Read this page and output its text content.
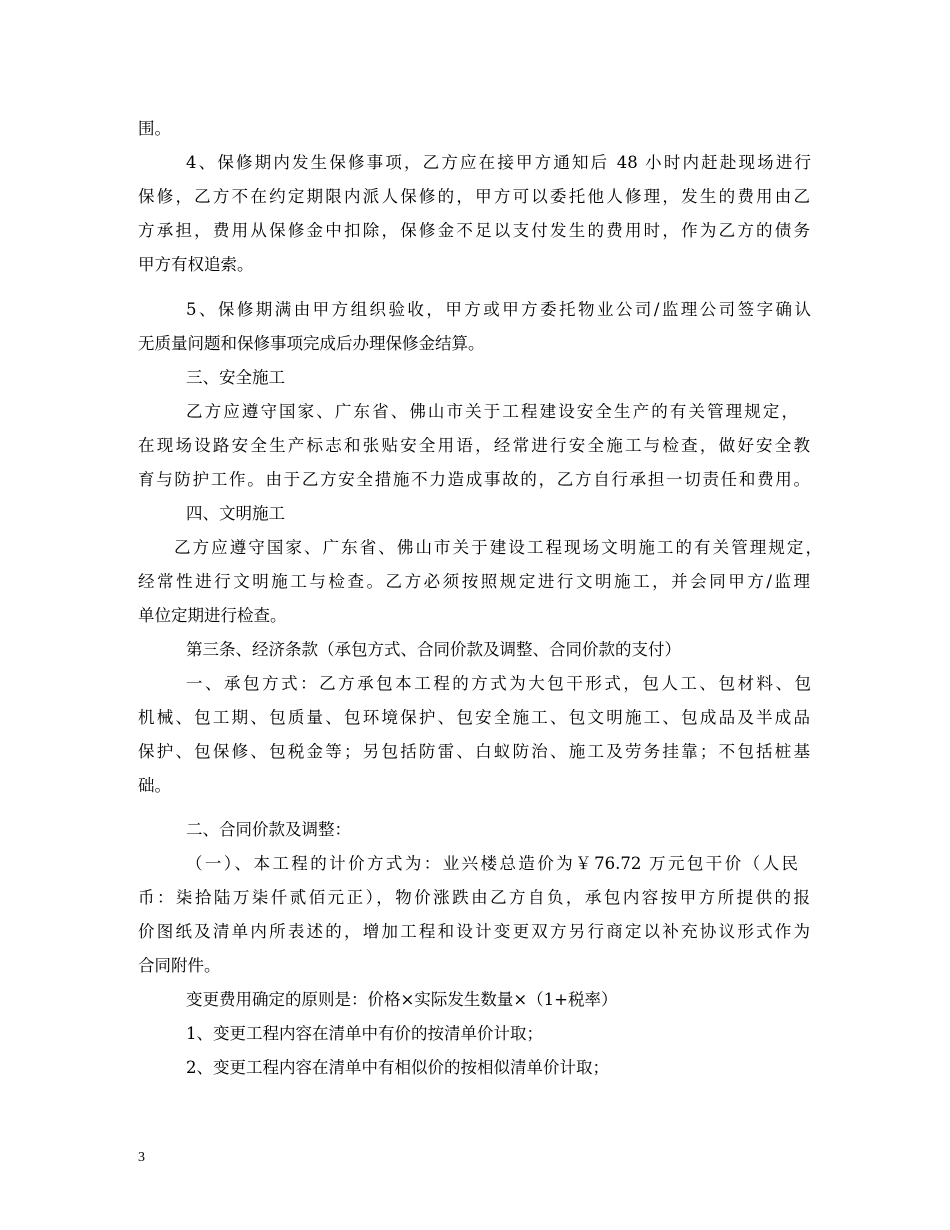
围。
4、保修期内发生保修事项，乙方应在接甲方通知后 48 小时内赶赴现场进行
保修，乙方不在约定期限内派人保修的，甲方可以委托他人修理，发生的费用由乙
方承担，费用从保修金中扣除，保修金不足以支付发生的费用时，作为乙方的债务
甲方有权追索。
5、保修期满由甲方组织验收，甲方或甲方委托物业公司/监理公司签字确认
无质量问题和保修事项完成后办理保修金结算。
三、安全施工
乙方应遵守国家、广东省、佛山市关于工程建设安全生产的有关管理规定，
在现场设路安全生产标志和张贴安全用语，经常进行安全施工与检查，做好安全教
育与防护工作。由于乙方安全措施不力造成事故的，乙方自行承担一切责任和费用。
四、文明施工
乙方应遵守国家、广东省、佛山市关于建设工程现场文明施工的有关管理规定，
经常性进行文明施工与检查。乙方必须按照规定进行文明施工，并会同甲方/监理
单位定期进行检查。
第三条、经济条款（承包方式、合同价款及调整、合同价款的支付）
一、承包方式：乙方承包本工程的方式为大包干形式，包人工、包材料、包
机械、包工期、包质量、包环境保护、包安全施工、包文明施工、包成品及半成品
保护、包保修、包税金等；另包括防雷、白蚁防治、施工及劳务挂靠；不包括桩基
础。
二、合同价款及调整：
（一）、本工程的计价方式为：业兴楼总造价为￥76.72 万元包干价（人民
币：柒拾陆万柒仟贰佰元正），物价涨跌由乙方自负，承包内容按甲方所提供的报
价图纸及清单内所表述的，增加工程和设计变更双方另行商定以补充协议形式作为
合同附件。
变更费用确定的原则是：价格×实际发生数量×（1+税率）
1、变更工程内容在清单中有价的按清单价计取；
2、变更工程内容在清单中有相似价的按相似清单价计取；
3
